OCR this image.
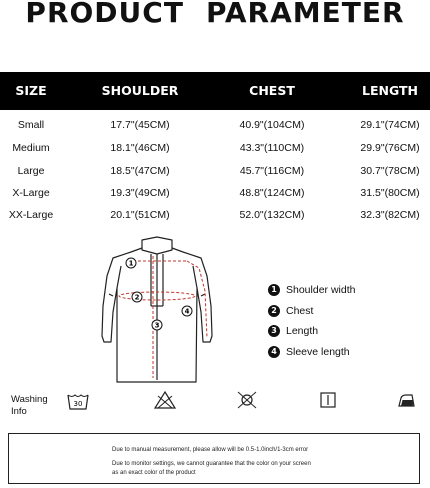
PRODUCT PARAMETER
SIZE	SHOULDER	CHEST	LENGTH
Small	17.7"(45CM)	40.9"(104CM)	29.1"(74CM)
Medium	18.1"(46CM)	43.3"(110CM)	29.9"(76CM)
Large	18.5"(47CM)	45.7"(116CM)	30.7"(78CM)
X-Large	19.3"(49CM)	48.8"(124CM)	31.5"(80CM)
XX-Large	20.1"(51CM)	52.0"(132CM)	32.3"(82CM)
1
2
3
4
1 Shoulder width
2 Chest
3 Length
4 Sleeve length
Washing
Info
30
Due to manual measurement, please allow will be 0.5-1.0inch/1-3cm error
Due to monitor settings, we cannot guarantee that the color on your screen
as an exact color of the product
